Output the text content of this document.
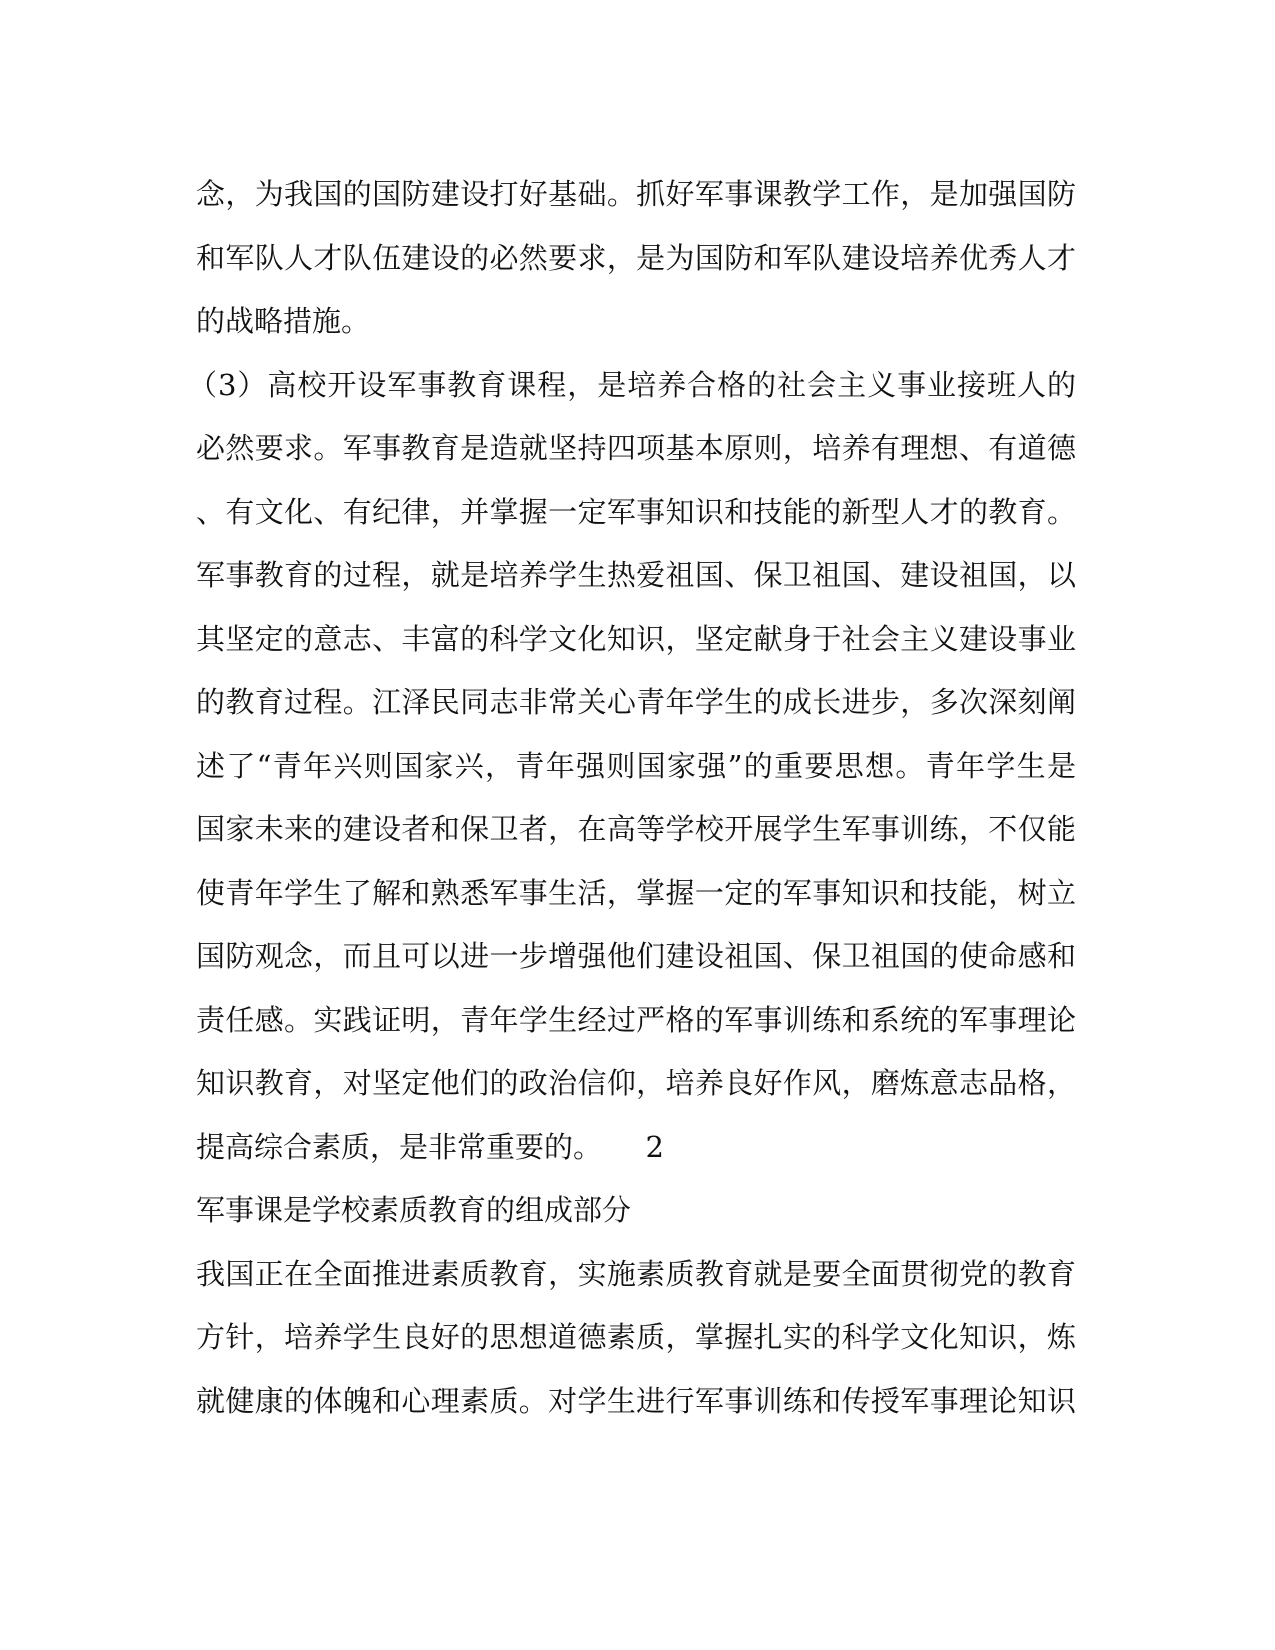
念，为我国的国防建设打好基础。抓好军事课教学工作，是加强国防
和军队人才队伍建设的必然要求，是为国防和军队建设培养优秀人才
的战略措施。
（3）高校开设军事教育课程，是培养合格的社会主义事业接班人的
必然要求。军事教育是造就坚持四项基本原则，培养有理想、有道德
、有文化、有纪律，并掌握一定军事知识和技能的新型人才的教育。
军事教育的过程，就是培养学生热爱祖国、保卫祖国、建设祖国，以
其坚定的意志、丰富的科学文化知识，坚定献身于社会主义建设事业
的教育过程。江泽民同志非常关心青年学生的成长进步，多次深刻阐
述了“青年兴则国家兴，青年强则国家强”的重要思想。青年学生是
国家未来的建设者和保卫者，在高等学校开展学生军事训练，不仅能
使青年学生了解和熟悉军事生活，掌握一定的军事知识和技能，树立
国防观念，而且可以进一步增强他们建设祖国、保卫祖国的使命感和
责任感。实践证明，青年学生经过严格的军事训练和系统的军事理论
知识教育，对坚定他们的政治信仰，培养良好作风，磨炼意志品格，
提高综合素质，是非常重要的。　　2
军事课是学校素质教育的组成部分
我国正在全面推进素质教育，实施素质教育就是要全面贯彻党的教育
方针，培养学生良好的思想道德素质，掌握扎实的科学文化知识，炼
就健康的体魄和心理素质。对学生进行军事训练和传授军事理论知识
